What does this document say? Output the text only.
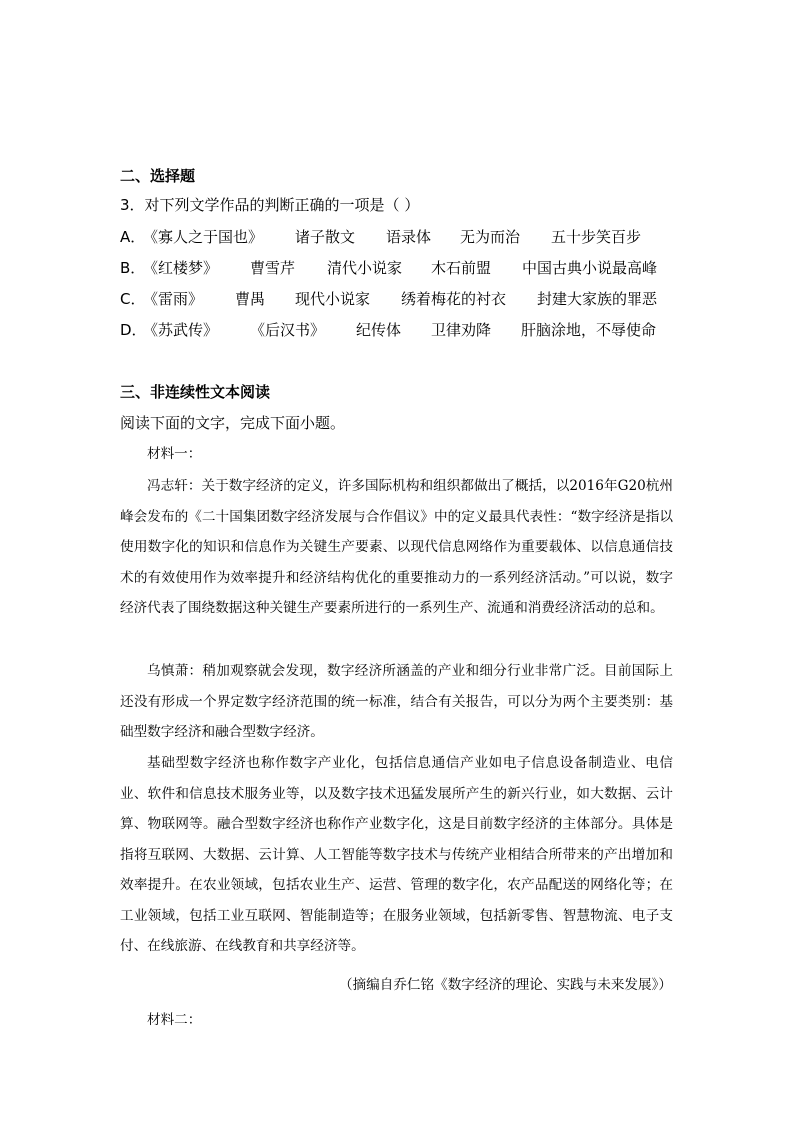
二、选择题
3．对下列文学作品的判断正确的一项是（ ）
A．
《寡人之于国也》 诸子散文 语录体 无为而治 五十步笑百步
B．
《红楼梦》 曹雪芹 清代小说家 木石前盟 中国古典小说最高峰
C．
《雷雨》 曹禺 现代小说家 绣着梅花的衬衣 封建大家族的罪恶
D．
《苏武传》 《后汉书》 纪传体 卫律劝降 肝脑涂地，不辱使命
三、非连续性文本阅读
阅读下面的文字，完成下面小题。
材料一：
冯志轩：关于数字经济的定义，许多国际机构和组织都做出了概括，以2016年G20杭州峰会发布的《二十国集团数字经济发展与合作倡议》中的定义最具代表性：“数字经济是指以使用数字化的知识和信息作为关键生产要素、以现代信息网络作为重要载体、以信息通信技术的有效使用作为效率提升和经济结构优化的重要推动力的一系列经济活动。”可以说，数字经济代表了围绕数据这种关键生产要素所进行的一系列生产、流通和消费经济活动的总和。
乌慎萧：稍加观察就会发现，数字经济所涵盖的产业和细分行业非常广泛。目前国际上还没有形成一个界定数字经济范围的统一标准，结合有关报告，可以分为两个主要类别：基础型数字经济和融合型数字经济。
基础型数字经济也称作数字产业化，包括信息通信产业如电子信息设备制造业、电信业、软件和信息技术服务业等，以及数字技术迅猛发展所产生的新兴行业，如大数据、云计算、物联网等。融合型数字经济也称作产业数字化，这是目前数字经济的主体部分。具体是指将互联网、大数据、云计算、人工智能等数字技术与传统产业相结合所带来的产出增加和效率提升。在农业领域，包括农业生产、运营、管理的数字化，农产品配送的网络化等；在工业领域，包括工业互联网、智能制造等；在服务业领域，包括新零售、智慧物流、电子支付、在线旅游、在线教育和共享经济等。
（摘编自乔仁铭《数字经济的理论、实践与未来发展》）
材料二：
